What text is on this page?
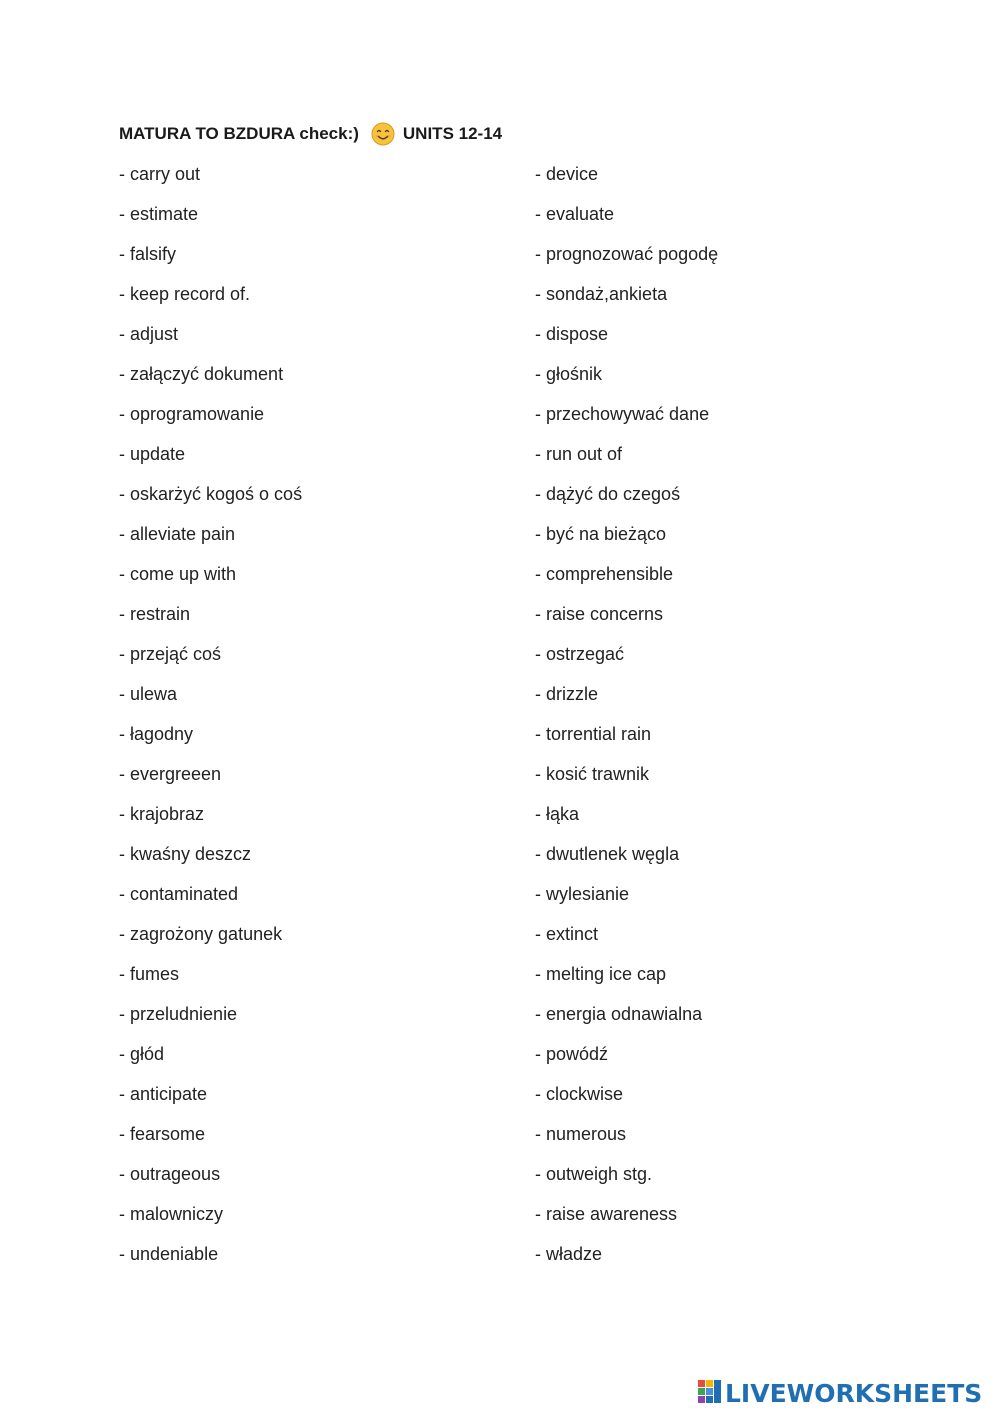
MATURA TO BZDURA check:)	UNITS 12-14
- carry out
- estimate
- falsify
- keep record of.
- adjust
- załączyć dokument
- oprogramowanie
- update
- oskarżyć kogoś o coś
- alleviate pain
- come up with
- restrain
- przejąć coś
- ulewa
- łagodny
- evergreeen
- krajobraz
- kwaśny deszcz
- contaminated
- zagrożony gatunek
- fumes
- przeludnienie
- głód
- anticipate
- fearsome
- outrageous
- malowniczy
- undeniable
- device
- evaluate
- prognozować pogodę
- sondaż,ankieta
- dispose
- głośnik
- przechowywać dane
- run out of
- dążyć do czegoś
- być na bieżąco
- comprehensible
- raise concerns
- ostrzegać
- drizzle
- torrential rain
- kosić trawnik
- łąka
- dwutlenek węgla
- wylesianie
- extinct
- melting ice cap
- energia odnawialna
- powódź
- clockwise
- numerous
- outweigh stg.
- raise awareness
- władze
LIVEWORKSHEETS
